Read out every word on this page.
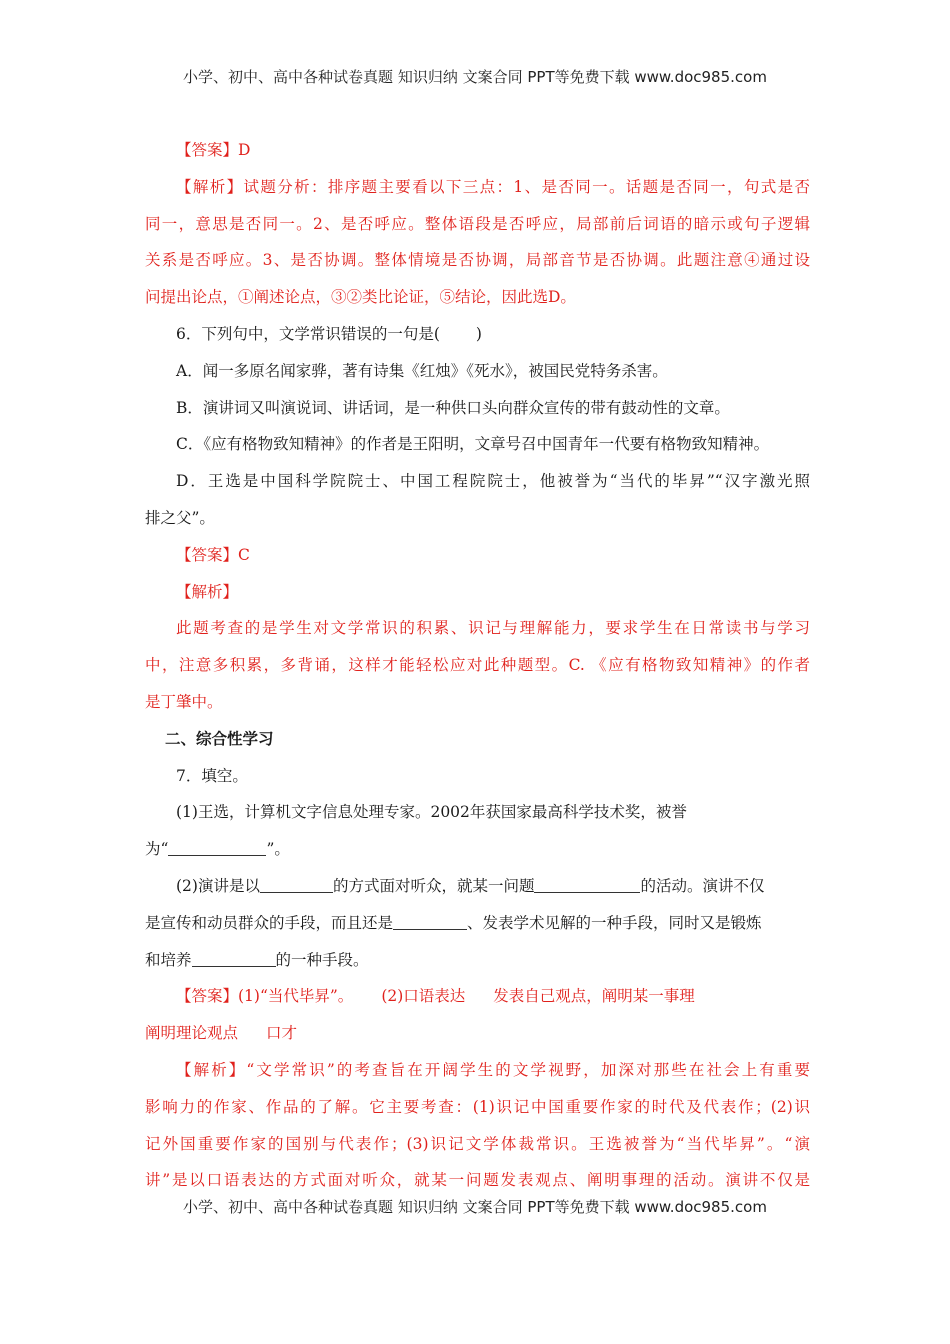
小学、初中、高中各种试卷真题 知识归纳 文案合同 PPT等免费下载 www.doc985.com
【答案】D
【解析】试题分析：排序题主要看以下三点：1、是否同一。话题是否同一，句式是否
同一，意思是否同一。2、是否呼应。整体语段是否呼应，局部前后词语的暗示或句子逻辑
关系是否呼应。3、是否协调。整体情境是否协调，局部音节是否协调。此题注意④通过设
问提出论点，①阐述论点，③②类比论证，⑤结论，因此选D。
6．下列句中，文学常识错误的一句是(　　 )
A．闻一多原名闻家骅，著有诗集《红烛》《死水》，被国民党特务杀害。
B．演讲词又叫演说词、讲话词，是一种供口头向群众宣传的带有鼓动性的文章。
C．《应有格物致知精神》的作者是王阳明，文章号召中国青年一代要有格物致知精神。
D．王选是中国科学院院士、中国工程院院士，他被誉为“当代的毕昇”“汉字激光照
排之父”。
【答案】C
【解析】
此题考查的是学生对文学常识的积累、识记与理解能力，要求学生在日常读书与学习
中，注意多积累，多背诵，这样才能轻松应对此种题型。C. 《应有格物致知精神》的作者
是丁肇中。
二、综合性学习
7．填空。
(1)王选，计算机文字信息处理专家。2002年获国家最高科学技术奖，被誉
为“	”。
(2)演讲是以	的方式面对听众，就某一问题	的活动。演讲不仅
是宣传和动员群众的手段，而且还是	、发表学术见解的一种手段，同时又是锻炼
和培养	的一种手段。
【答案】(1)“当代毕昇”。 (2)口语表达 发表自己观点，阐明某一事理
阐明理论观点 口才
【解析】“文学常识”的考查旨在开阔学生的文学视野，加深对那些在社会上有重要
影响力的作家、作品的了解。它主要考查：(1)识记中国重要作家的时代及代表作；(2)识
记外国重要作家的国别与代表作；(3)识记文学体裁常识。王选被誉为“当代毕昇”。“演
讲”是以口语表达的方式面对听众，就某一问题发表观点、阐明事理的活动。演讲不仅是
小学、初中、高中各种试卷真题 知识归纳 文案合同 PPT等免费下载 www.doc985.com
